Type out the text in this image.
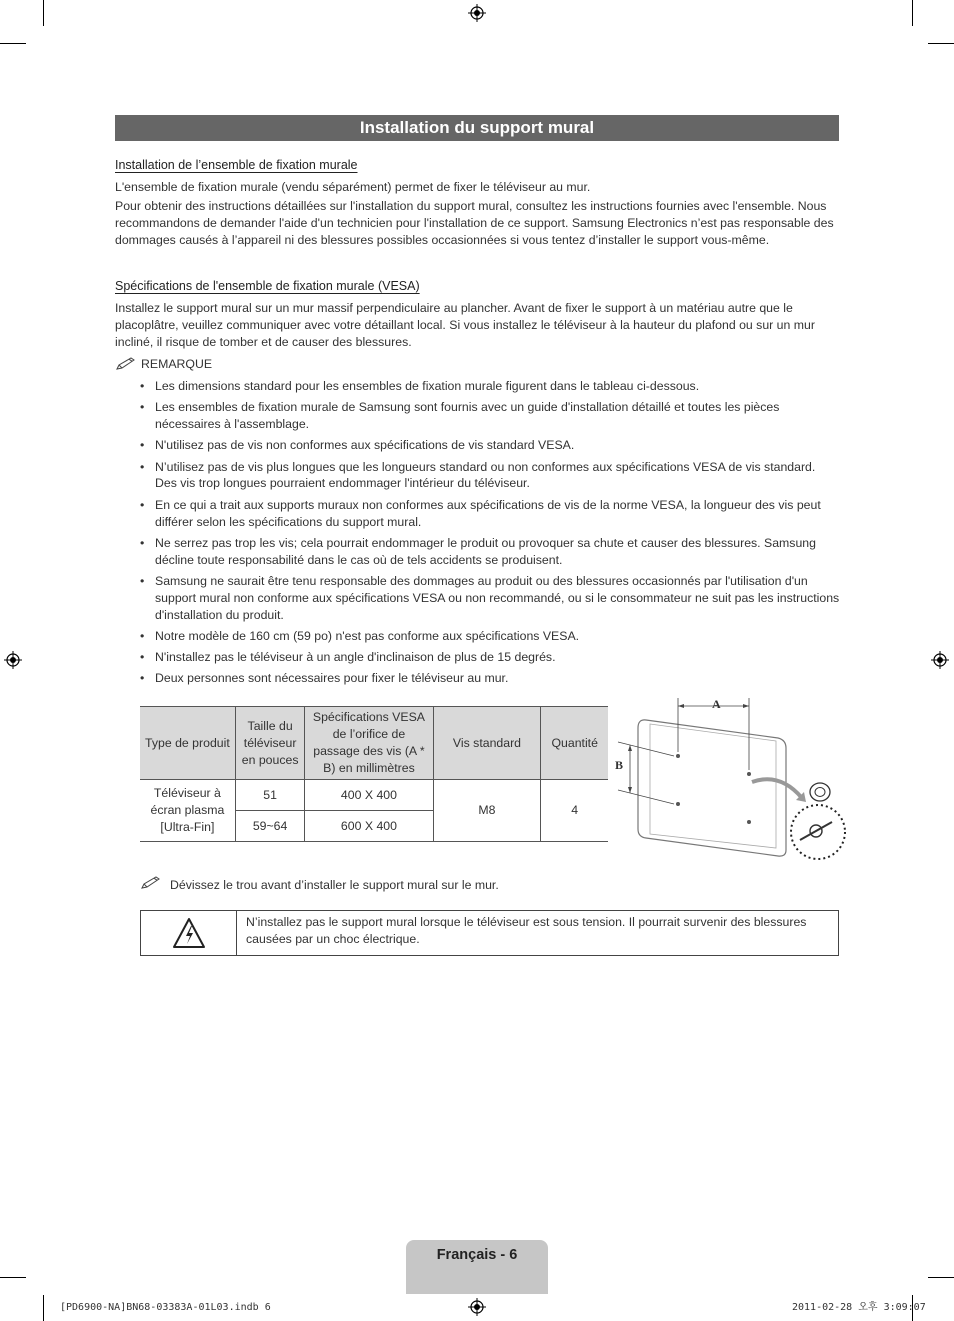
Installation du support mural
Installation de l’ensemble de fixation murale
L'ensemble de fixation murale (vendu séparément) permet de fixer le téléviseur au mur.
Pour obtenir des instructions détaillées sur l'installation du support mural, consultez les instructions fournies avec l'ensemble. Nous recommandons de demander l'aide d'un technicien pour l'installation de ce support. Samsung Electronics n’est pas responsable des dommages causés à l’appareil ni des blessures possibles occasionnées si vous tentez d’installer le support vous-même.
Spécifications de l'ensemble de fixation murale (VESA)
Installez le support mural sur un mur massif perpendiculaire au plancher. Avant de fixer le support à un matériau autre que le placoplâtre, veuillez communiquer avec votre détaillant local. Si vous installez le téléviseur à la hauteur du plafond ou sur un mur incliné, il risque de tomber et de causer des blessures.
REMARQUE
• Les dimensions standard pour les ensembles de fixation murale figurent dans le tableau ci-dessous.
• Les ensembles de fixation murale de Samsung sont fournis avec un guide d'installation détaillé et toutes les pièces nécessaires à l'assemblage.
• N'utilisez pas de vis non conformes aux spécifications de vis standard VESA.
• N’utilisez pas de vis plus longues que les longueurs standard ou non conformes aux spécifications VESA de vis standard. Des vis trop longues pourraient endommager l'intérieur du téléviseur.
• En ce qui a trait aux supports muraux non conformes aux spécifications de vis de la norme VESA, la longueur des vis peut différer selon les spécifications du support mural.
• Ne serrez pas trop les vis; cela pourrait endommager le produit ou provoquer sa chute et causer des blessures. Samsung décline toute responsabilité dans le cas où de tels accidents se produisent.
• Samsung ne saurait être tenu responsable des dommages au produit ou des blessures occasionnés par l'utilisation d'un support mural non conforme aux spécifications VESA ou non recommandé, ou si le consommateur ne suit pas les instructions d'installation du produit.
• Notre modèle de 160 cm (59 po) n'est pas conforme aux spécifications VESA.
• N'installez pas le téléviseur à un angle d'inclinaison de plus de 15 degrés.
• Deux personnes sont nécessaires pour fixer le téléviseur au mur.
Type de produit	Taille du téléviseur en pouces	Spécifications VESA de l’orifice de passage des vis (A * B) en millimètres	Vis standard	Quantité
Téléviseur à écran plasma [Ultra-Fin]	51	400 X 400	M8	4
	59~64	600 X 400		
A
B
Dévissez le trou avant d’installer le support mural sur le mur.
N’installez pas le support mural lorsque le téléviseur est sous tension. Il pourrait survenir des blessures causées par un choc électrique.
Français - 6
[PD6900-NA]BN68-03383A-01L03.indb 6	2011-02-28 오후 3:09:07
